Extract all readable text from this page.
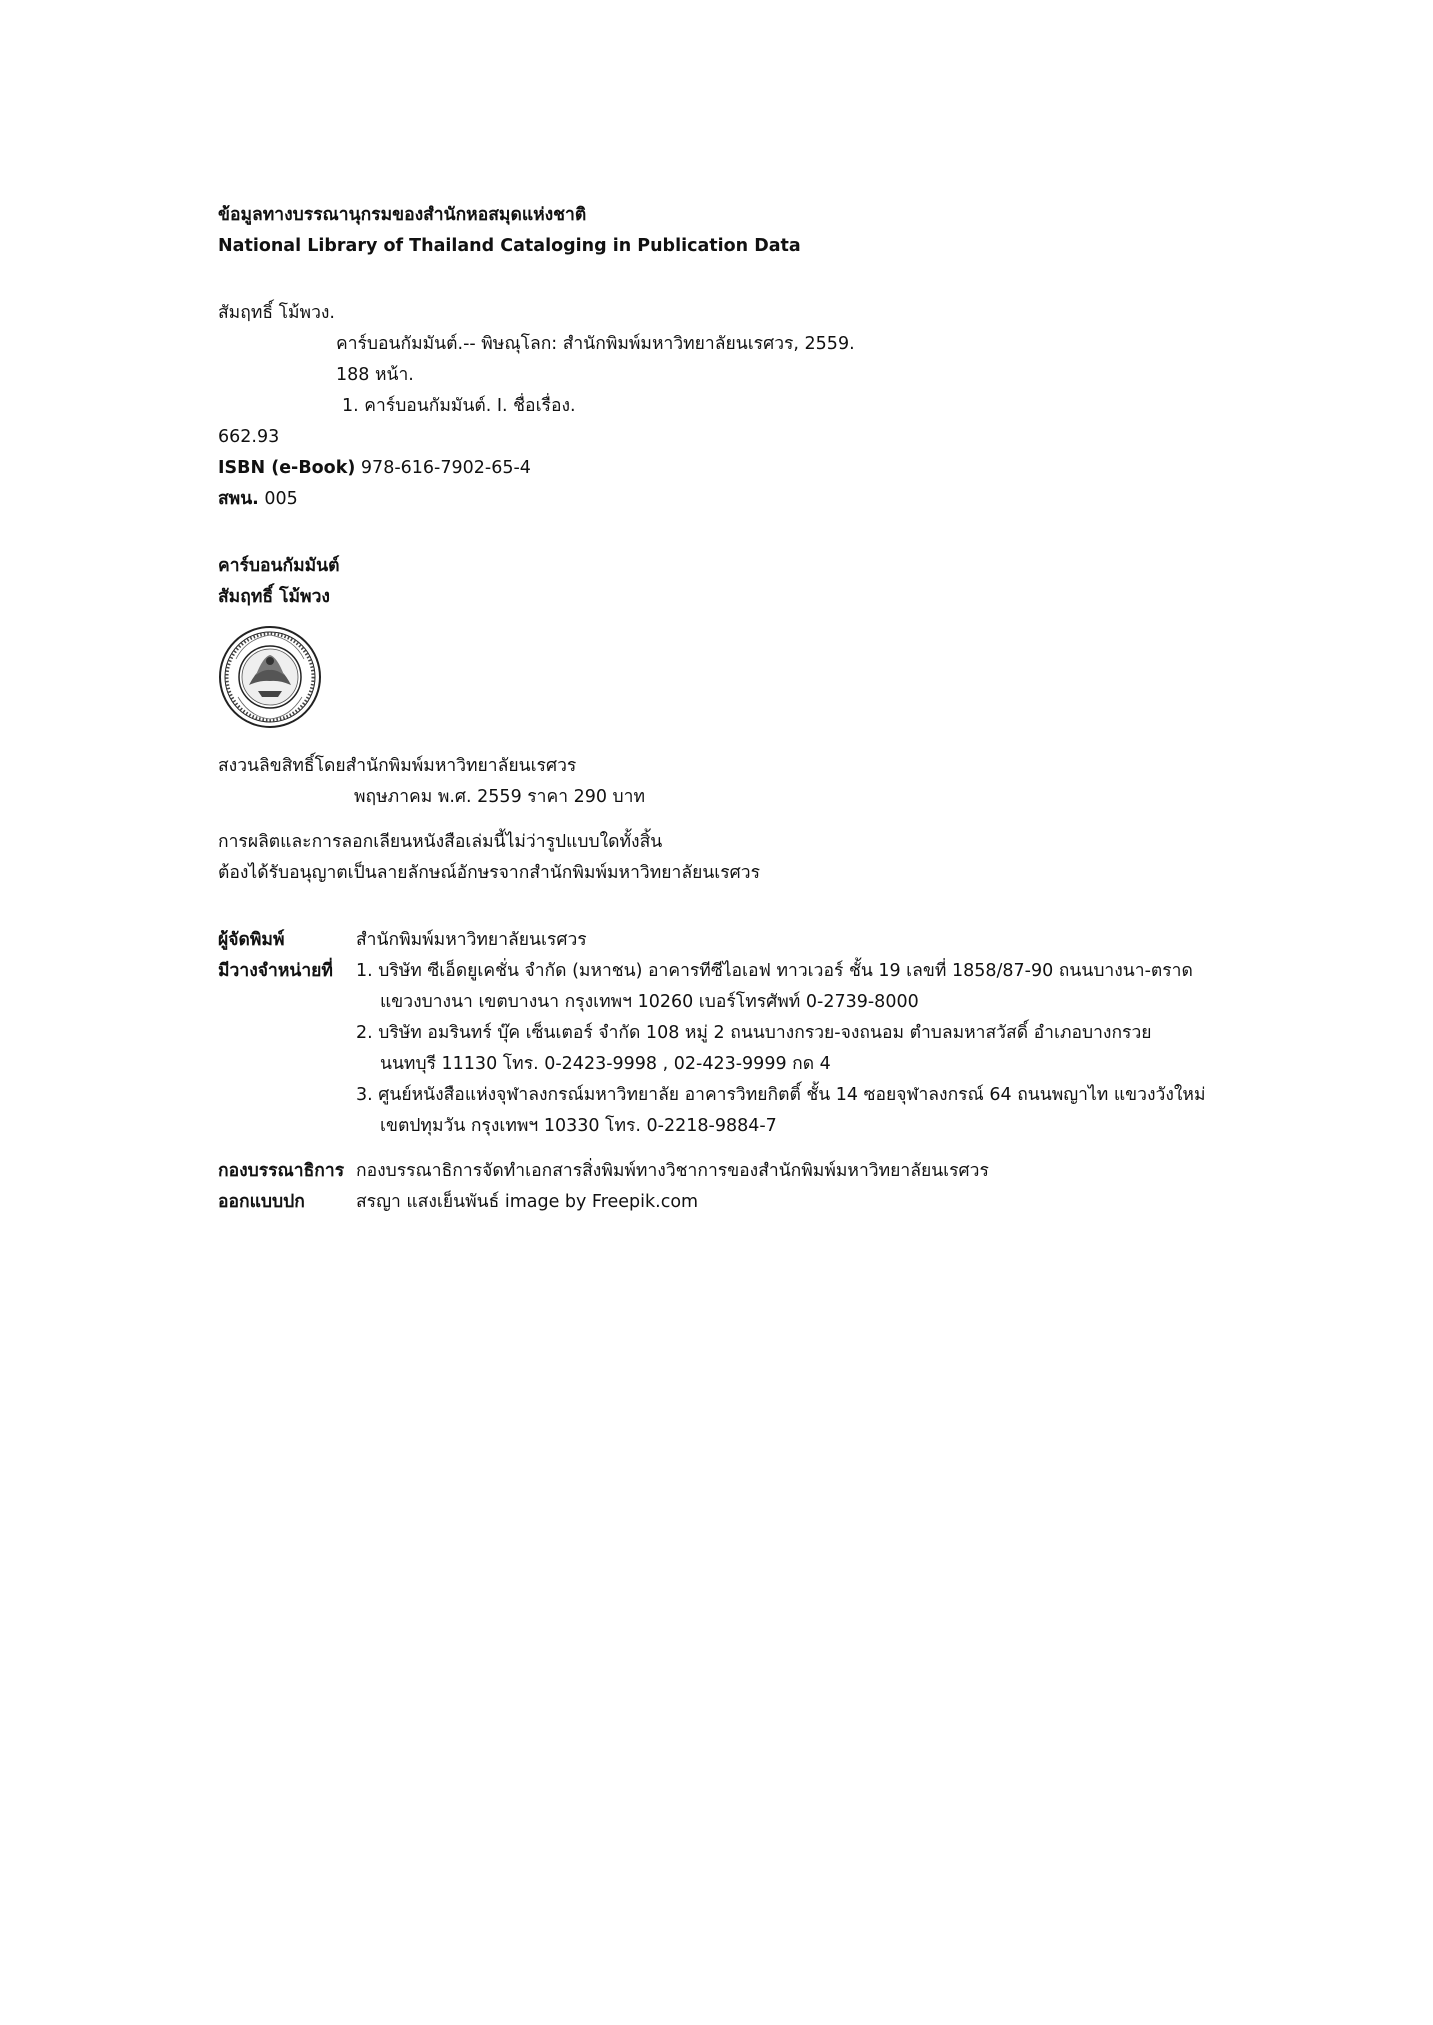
ข้อมูลทางบรรณานุกรมของสำนักหอสมุดแห่งชาติ
National Library of Thailand Cataloging in Publication Data
สัมฤทธิ์ โม้พวง.
คาร์บอนกัมมันต์.-- พิษณุโลก: สำนักพิมพ์มหาวิทยาลัยนเรศวร, 2559.
188 หน้า.
1. คาร์บอนกัมมันต์. I. ชื่อเรื่อง.
662.93
ISBN (e-Book) 978-616-7902-65-4
สพน. 005
คาร์บอนกัมมันต์
สัมฤทธิ์ โม้พวง
สงวนลิขสิทธิ์โดยสำนักพิมพ์มหาวิทยาลัยนเรศวร
พฤษภาคม พ.ศ. 2559 ราคา 290 บาท
การผลิตและการลอกเลียนหนังสือเล่มนี้ไม่ว่ารูปแบบใดทั้งสิ้น
ต้องได้รับอนุญาตเป็นลายลักษณ์อักษรจากสำนักพิมพ์มหาวิทยาลัยนเรศวร
ผู้จัดพิมพ์	สำนักพิมพ์มหาวิทยาลัยนเรศวร
มีวางจำหน่ายที่	1. บริษัท ซีเอ็ดยูเคชั่น จำกัด (มหาชน) อาคารทีซีไอเอฟ ทาวเวอร์ ชั้น 19 เลขที่ 1858/87-90 ถนนบางนา-ตราด
แขวงบางนา เขตบางนา กรุงเทพฯ 10260 เบอร์โทรศัพท์ 0-2739-8000
2. บริษัท อมรินทร์ บุ๊ค เซ็นเตอร์ จำกัด 108 หมู่ 2 ถนนบางกรวย-จงถนอม ตำบลมหาสวัสดิ์ อำเภอบางกรวย
นนทบุรี 11130 โทร. 0-2423-9998 , 02-423-9999 กด 4
3. ศูนย์หนังสือแห่งจุฬาลงกรณ์มหาวิทยาลัย อาคารวิทยกิตติ์ ชั้น 14 ซอยจุฬาลงกรณ์ 64 ถนนพญาไท แขวงวังใหม่
เขตปทุมวัน กรุงเทพฯ 10330 โทร. 0-2218-9884-7
กองบรรณาธิการ กองบรรณาธิการจัดทำเอกสารสิ่งพิมพ์ทางวิชาการของสำนักพิมพ์มหาวิทยาลัยนเรศวร
ออกแบบปก	สรญา แสงเย็นพันธ์ image by Freepik.com
